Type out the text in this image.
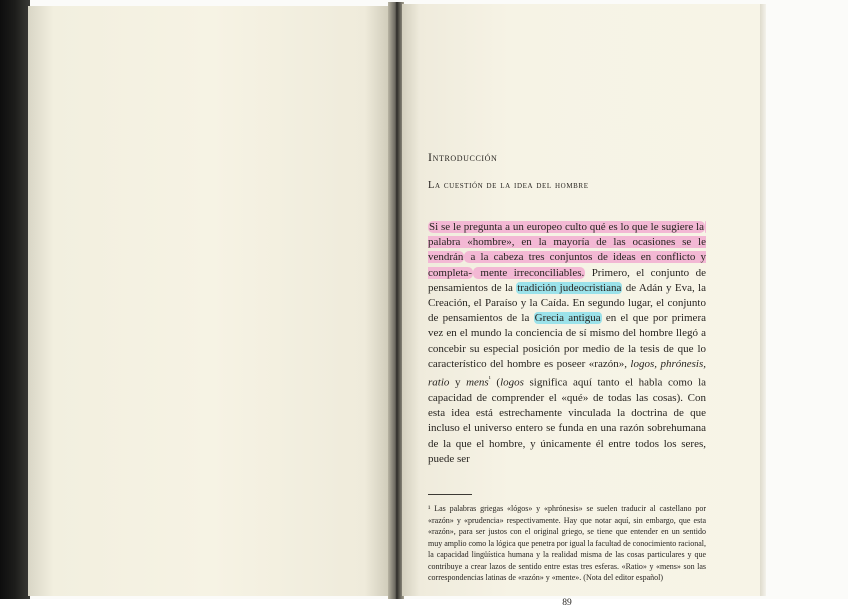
Introducción
La cuestión de la idea del hombre
Si se le pregunta a un europeo culto qué es lo que le sugiere la palabra «hombre», en la mayoría de las ocasiones se le vendrán a la cabeza tres conjuntos de ideas en conflicto y completa- mente irreconciliables. Primero, el conjunto de pensamientos de la tradición judeocristiana de Adán y Eva, la Creación, el Paraíso y la Caída. En segundo lugar, el conjunto de pensamientos de la Grecia antigua en el que por primera vez en el mundo la conciencia de sí mismo del hombre llegó a concebir su especial posición por medio de la tesis de que lo característico del hombre es poseer «razón», logos, phrónesis, ratio y mens$^{^1}$ (logos significa aquí tanto el habla como la capacidad de comprender el «qué» de todas las cosas). Con esta idea está estrechamente vinculada la doctrina de que incluso el universo entero se funda en una razón sobrehumana de la que el hombre, y únicamente él entre todos los seres, puede ser
¹ Las palabras griegas «lógos» y «phrónesis» se suelen traducir al castellano por «razón» y «prudencia» respectivamente. Hay que notar aquí, sin embargo, que esta «razón», para ser justos con el original griego, se tiene que entender en un sentido muy amplio como la lógica que penetra por igual la facultad de conocimiento racional, la capacidad lingüística humana y la realidad misma de las cosas particulares y que contribuye a crear lazos de sentido entre estas tres esferas. «Ratio» y «mens» son las correspondencias latinas de «razón» y «mente». (Nota del editor español)
89
